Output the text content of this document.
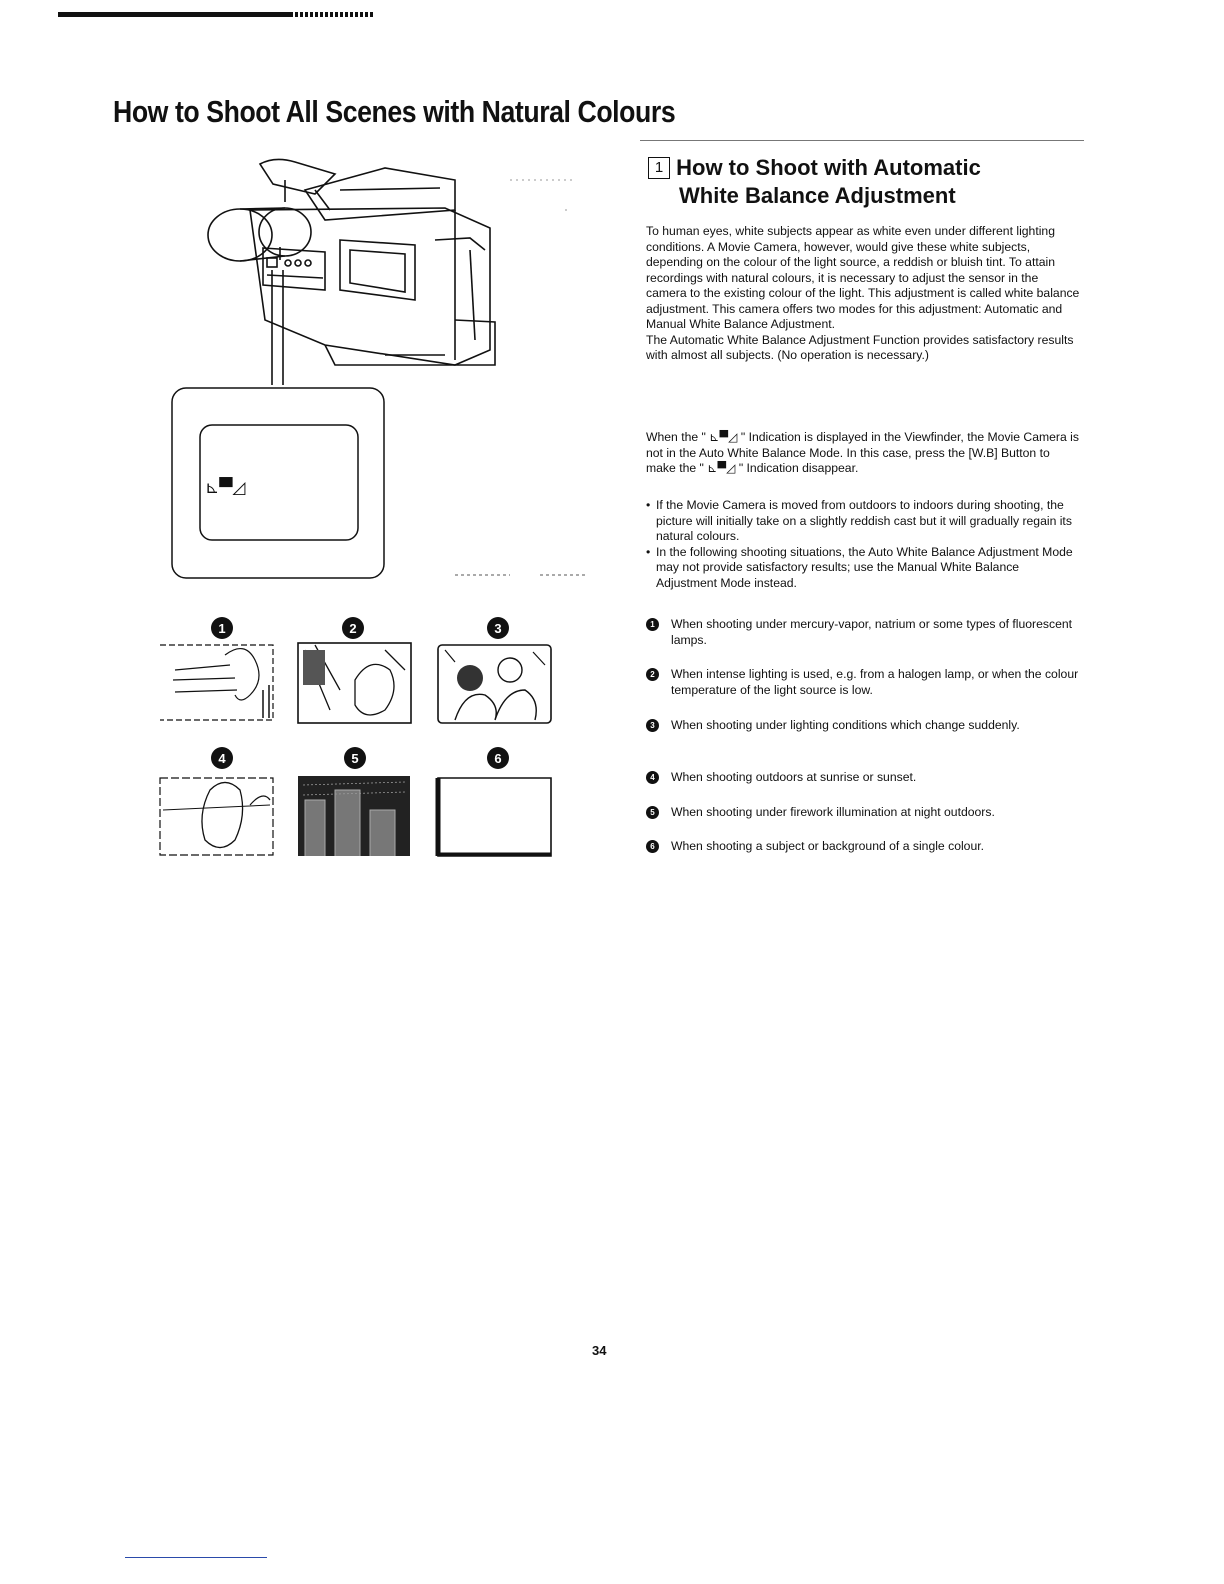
How to Shoot All Scenes with Natural Colours
⊾▀◿
1	2	3
4	5	6
1 How to Shoot with Automatic
White Balance Adjustment

To human eyes, white subjects appear as white even under different lighting conditions. A Movie Camera, however, would give these white subjects, depending on the colour of the light source, a reddish or bluish tint. To attain recordings with natural colours, it is necessary to adjust the sensor in the camera to the existing colour of the light. This adjustment is called white balance adjustment. This camera offers two modes for this adjustment: Automatic and Manual White Balance Adjustment.

The Automatic White Balance Adjustment Function provides satisfactory results with almost all subjects. (No operation is necessary.)

When the " ⊾▀◿ " Indication is displayed in the Viewfinder, the Movie Camera is not in the Auto White Balance Mode. In this case, press the [W.B] Button to make the " ⊾▀◿ " Indication disappear.

• If the Movie Camera is moved from outdoors to indoors during shooting, the picture will initially take on a slightly reddish cast but it will gradually regain its natural colours.

• In the following shooting situations, the Auto White Balance Adjustment Mode may not provide satisfactory results; use the Manual White Balance Adjustment Mode instead.

1	When shooting under mercury-vapor, natrium or some types of fluorescent lamps.
2	When intense lighting is used, e.g. from a halogen lamp, or when the colour temperature of the light source is low.
3	When shooting under lighting conditions which change suddenly.
4	When shooting outdoors at sunrise or sunset.
5	When shooting under firework illumination at night outdoors.
6	When shooting a subject or background of a single colour.
34
